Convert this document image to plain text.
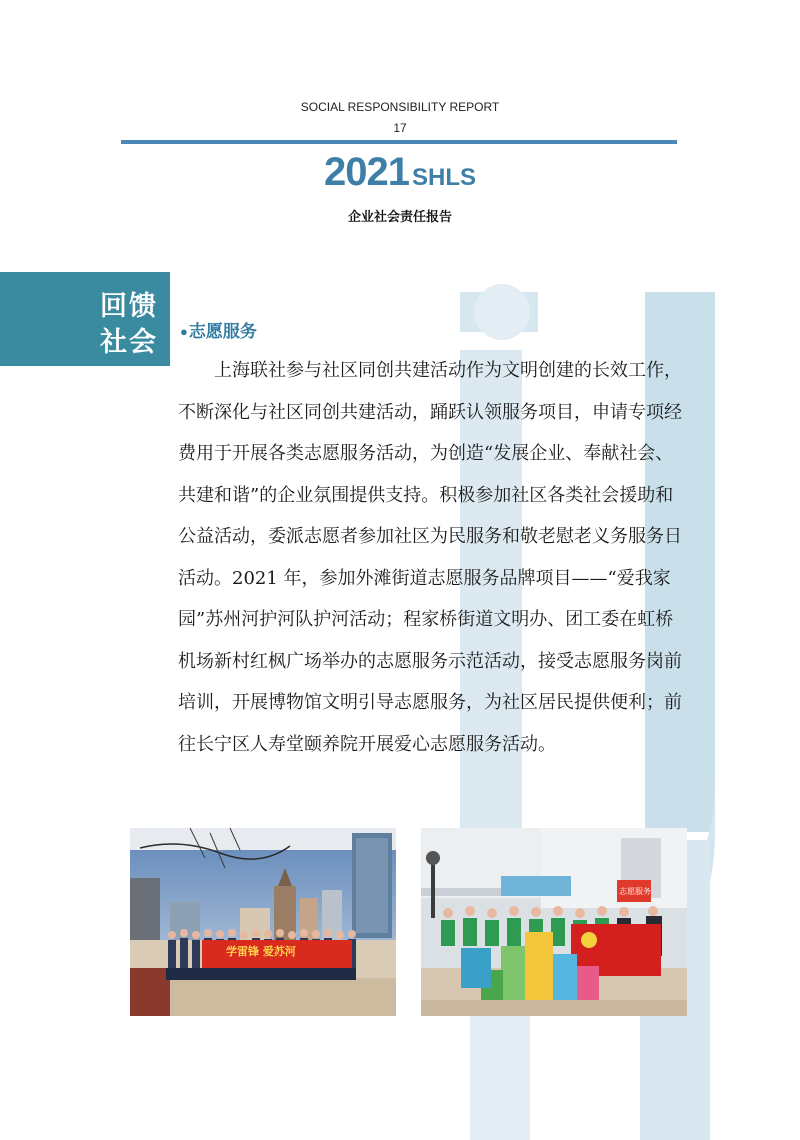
SOCIAL RESPONSIBILITY REPORT
17
2021 SHLS
企业社会责任报告
回馈
社会 ●志愿服务

上海联社参与社区同创共建活动作为文明创建的长效工作，不断深化与社区同创共建活动，踊跃认领服务项目，申请专项经费用于开展各类志愿服务活动，为创造“发展企业、奉献社会、共建和谐”的企业氛围提供支持。积极参加社区各类社会援助和公益活动，委派志愿者参加社区为民服务和敬老慰老义务服务日活动。2021 年，参加外滩街道志愿服务品牌项目——“爱我家园”苏州河护河队护河活动；程家桥街道文明办、团工委在虹桥机场新村红枫广场举办的志愿服务示范活动，接受志愿服务岗前培训，开展博物馆文明引导志愿服务，为社区居民提供便利；前往长宁区人寿堂颐养院开展爱心志愿服务活动。

学雷锋 爱苏河
志愿服务
